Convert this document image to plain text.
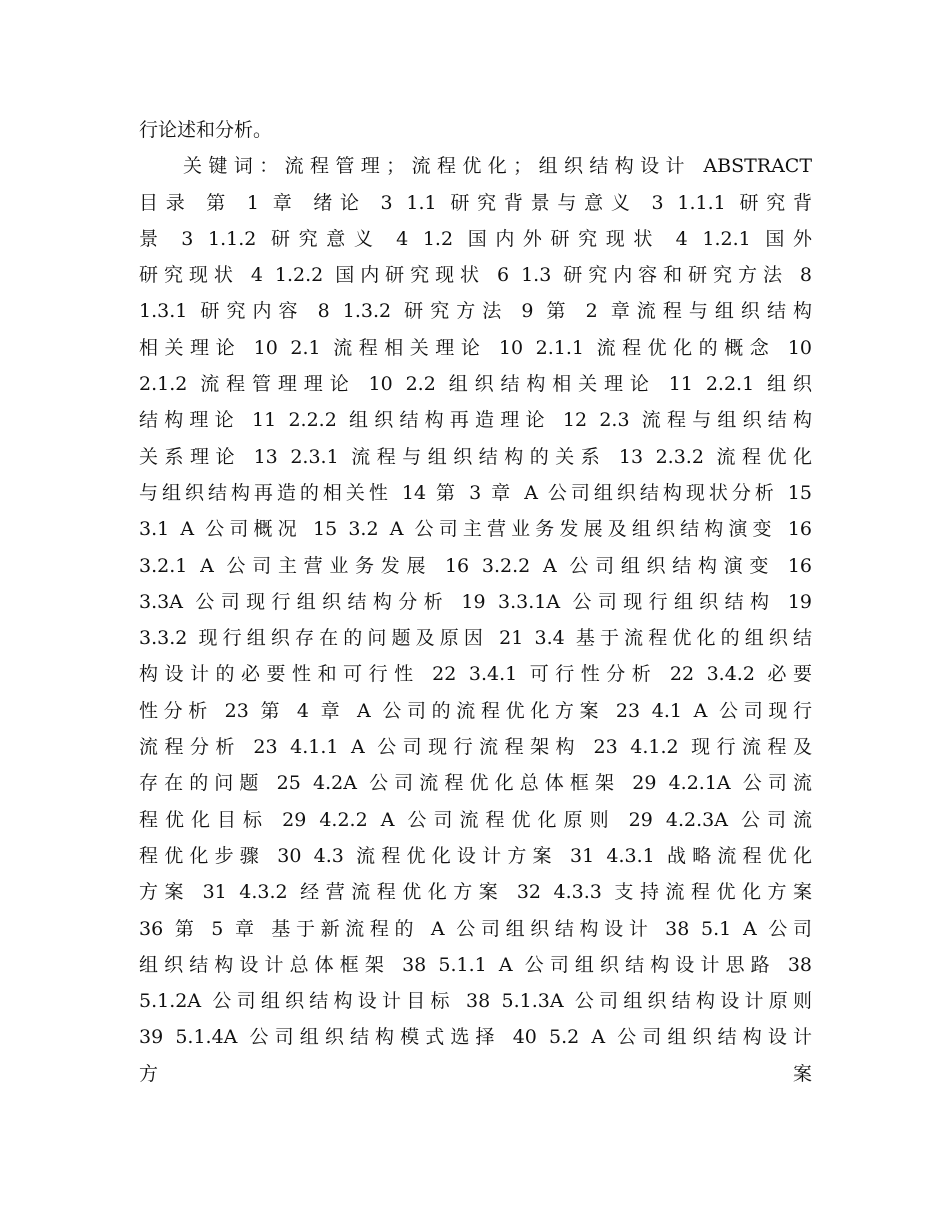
行论述和分析。
关键词：流程管理；流程优化；组织结构设计 ABSTRACT
目录 第 1 章 绪论 3 1.1 研究背景与意义 3 1.1.1 研究背
景 3 1.1.2 研究意义 4 1.2 国内外研究现状 4 1.2.1 国外
研究现状 4 1.2.2 国内研究现状 6 1.3 研究内容和研究方法 8
1.3.1 研究内容 8 1.3.2 研究方法 9 第 2 章流程与组织结构
相关理论 10 2.1 流程相关理论 10 2.1.1 流程优化的概念 10
2.1.2 流程管理理论 10 2.2 组织结构相关理论 11 2.2.1 组织
结构理论 11 2.2.2 组织结构再造理论 12 2.3 流程与组织结构
关系理论 13 2.3.1 流程与组织结构的关系 13 2.3.2 流程优化
与组织结构再造的相关性 14 第 3 章 A 公司组织结构现状分析 15
3.1 A 公司概况 15 3.2 A 公司主营业务发展及组织结构演变 16
3.2.1 A 公司主营业务发展 16 3.2.2 A 公司组织结构演变 16
3.3A 公司现行组织结构分析 19 3.3.1A 公司现行组织结构 19
3.3.2 现行组织存在的问题及原因 21 3.4 基于流程优化的组织结
构设计的必要性和可行性 22 3.4.1 可行性分析 22 3.4.2 必要
性分析 23 第 4 章 A 公司的流程优化方案 23 4.1 A 公司现行
流程分析 23 4.1.1 A 公司现行流程架构 23 4.1.2 现行流程及
存在的问题 25 4.2A 公司流程优化总体框架 29 4.2.1A 公司流
程优化目标 29 4.2.2 A 公司流程优化原则 29 4.2.3A 公司流
程优化步骤 30 4.3 流程优化设计方案 31 4.3.1 战略流程优化
方案 31 4.3.2 经营流程优化方案 32 4.3.3 支持流程优化方案
36 第 5 章 基于新流程的 A 公司组织结构设计 38 5.1 A 公司
组织结构设计总体框架 38 5.1.1 A 公司组织结构设计思路 38
5.1.2A 公司组织结构设计目标 38 5.1.3A 公司组织结构设计原则
39 5.1.4A 公司组织结构模式选择 40 5.2 A 公司组织结构设计
方 案
